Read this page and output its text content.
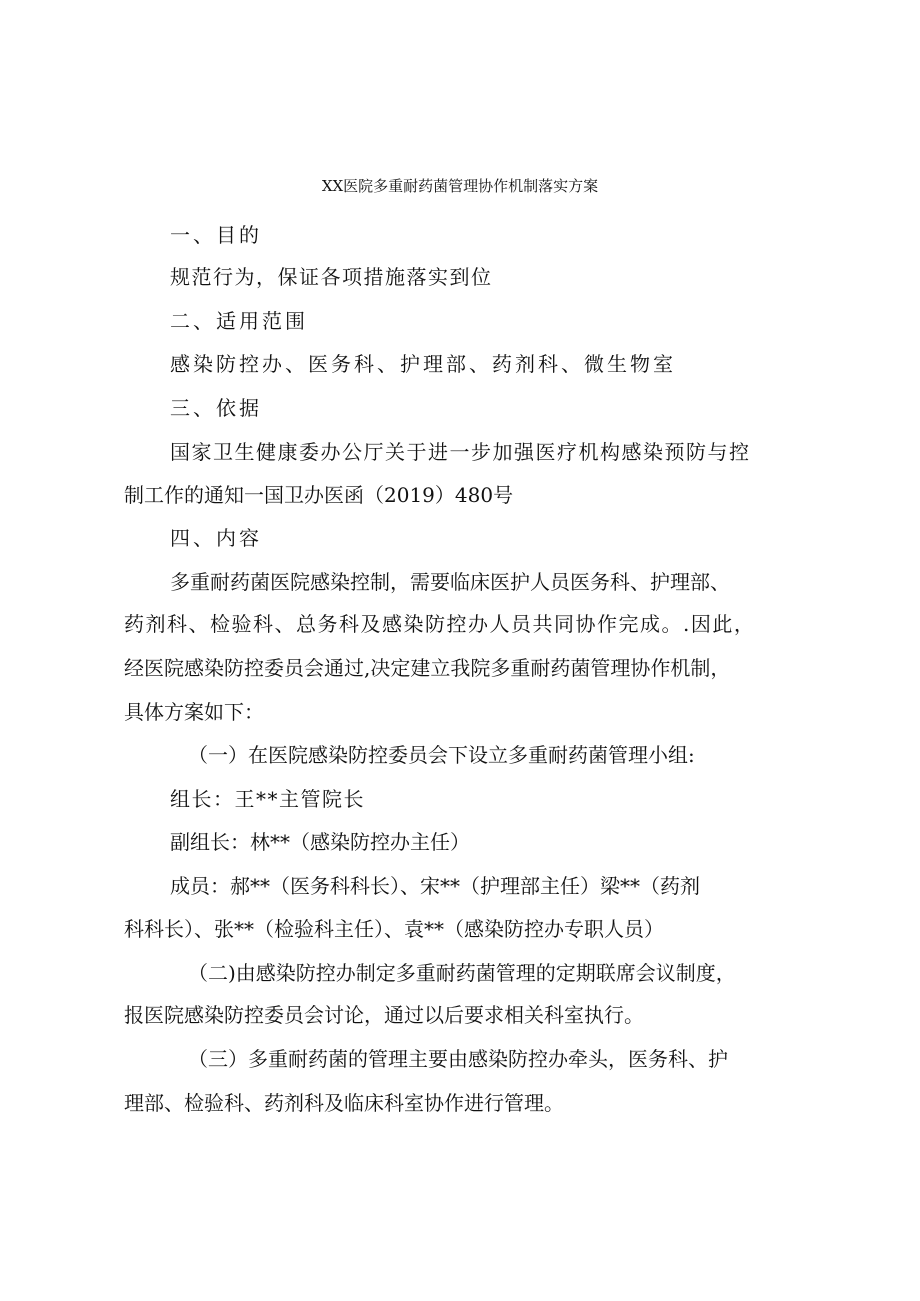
XX医院多重耐药菌管理协作机制落实方案

一、目的

规范行为，保证各项措施落实到位

二、适用范围

感染防控办、医务科、护理部、药剂科、微生物室

三、依据

国家卫生健康委办公厅关于进一步加强医疗机构感染预防与控

制工作的通知一国卫办医函（2019）480号

四、内容

多重耐药菌医院感染控制，需要临床医护人员医务科、护理部、

药剂科、检验科、总务科及感染防控办人员共同协作完成。.因此，

经医院感染防控委员会通过,决定建立我院多重耐药菌管理协作机制，

具体方案如下：

（一）在医院感染防控委员会下设立多重耐药菌管理小组:

组长：王**主管院长

副组长：林**（感染防控办主任）

成员：郝**（医务科科长）、宋**（护理部主任）梁**（药剂

科科长）、张**（检验科主任）、袁**（感染防控办专职人员）

（二)由感染防控办制定多重耐药菌管理的定期联席会议制度，

报医院感染防控委员会讨论，通过以后要求相关科室执行。

（三）多重耐药菌的管理主要由感染防控办牵头，医务科、护

理部、检验科、药剂科及临床科室协作进行管理。
